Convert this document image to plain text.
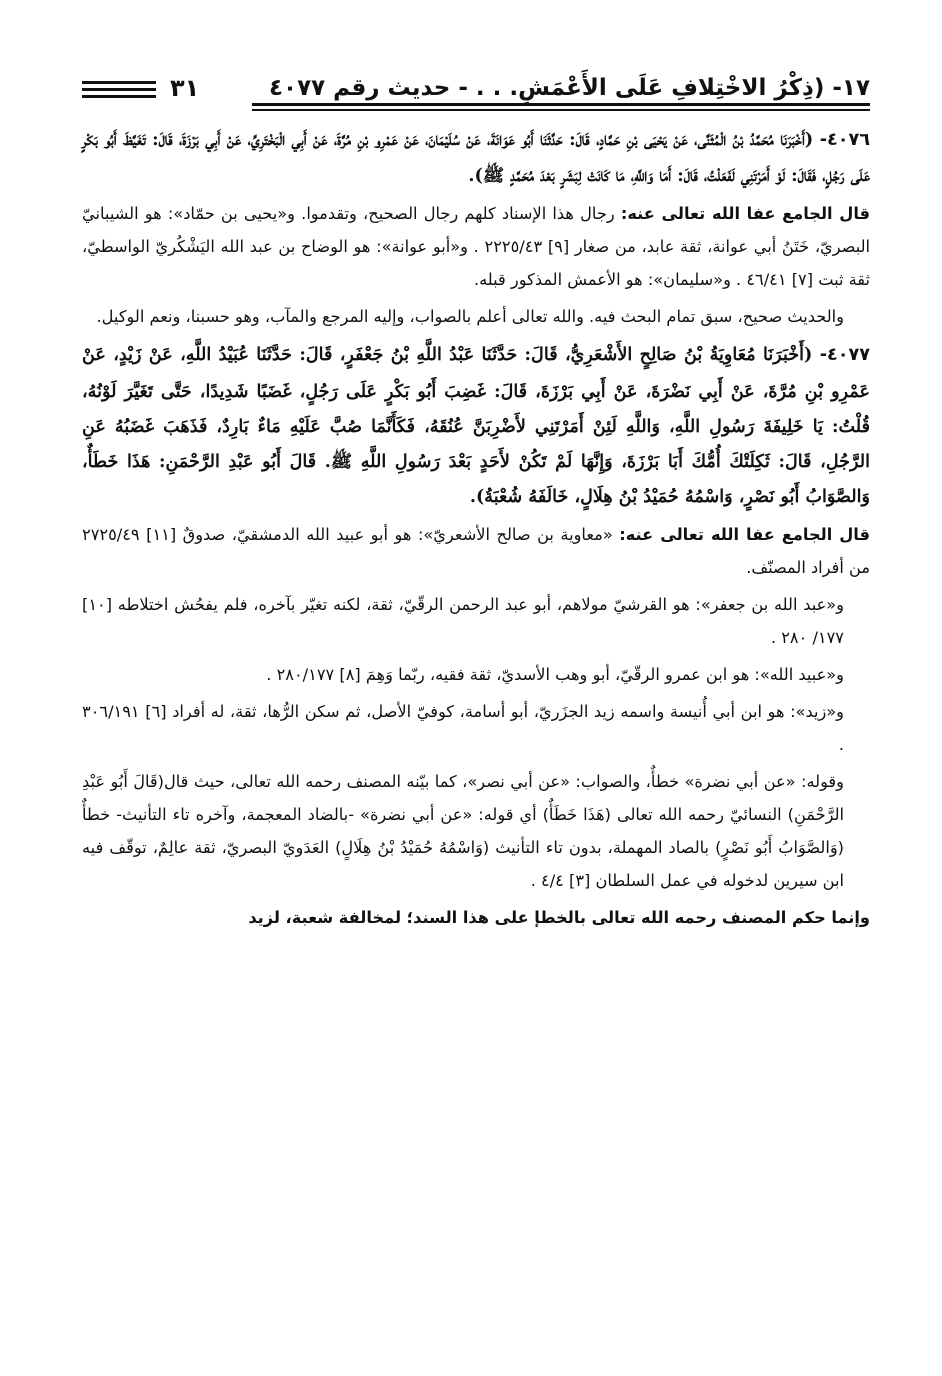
١٧- (ذِكْرُ الاخْتِلافِ عَلَى الأَعْمَشِ. . . - حديث رقم ٤٠٧٧
٣١

٤٠٧٦- (أَخْبَرَنَا مُحَمَّدُ بْنُ الْمُثَنَّى، عَنْ يَحْيَى بْنِ حَمَّادٍ، قَالَ: حَدَّثَنَا أَبُو عَوَانَةَ، عَنْ سُلَيْمَانَ، عَنْ عَمْرِو بْنِ مُرَّةَ، عَنْ أَبِي الْبَخْتَرِيِّ، عَنْ أَبِي بَرْزَةَ، قَالَ: تَغَيَّظَ أَبُو بَكْرٍ عَلَى رَجُلٍ، فَقَالَ: لَوْ أَمَرْتَنِي لَفَعَلْتُ، قَالَ: أَمَا وَاللَّهِ، مَا كَانَتْ لِبَشَرٍ بَعْدَ مُحَمَّدٍ ﷺ).

قال الجامع عفا الله تعالى عنه: رجال هذا الإسناد كلهم رجال الصحيح، وتقدموا. و«يحيى بن حمّاد»: هو الشيبانيّ البصريّ، خَتَنُ أبي عوانة، ثقة عابد، من صغار [٩] ٢٢٢٥/٤٣ . و«أبو عوانة»: هو الوضاح بن عبد الله اليَشْكُريّ الواسطيّ، ثقة ثبت [٧] ٤٦/٤١ . و«سليمان»: هو الأعمش المذكور قبله.

والحديث صحيح، سبق تمام البحث فيه. والله تعالى أعلم بالصواب، وإليه المرجع والمآب، وهو حسبنا، ونعم الوكيل.

٤٠٧٧- (أَخْبَرَنَا مُعَاوِيَةُ بْنُ صَالِحٍ الأَشْعَرِيُّ، قَالَ: حَدَّثَنَا عَبْدُ اللَّهِ بْنُ جَعْفَرٍ، قَالَ: حَدَّثَنَا عُبَيْدُ اللَّهِ، عَنْ زَيْدٍ، عَنْ عَمْرِو بْنِ مُرَّةَ، عَنْ أَبِي نَضْرَةَ، عَنْ أَبِي بَرْزَةَ، قَالَ: غَضِبَ أَبُو بَكْرٍ عَلَى رَجُلٍ، غَضَبًا شَدِيدًا، حَتَّى تَغَيَّرَ لَوْنُهُ، قُلْتُ: يَا خَلِيفَةَ رَسُولِ اللَّهِ، وَاللَّهِ لَئِنْ أَمَرْتَنِي لأَضْرِبَنَّ عُنُقَهُ، فَكَأَنَّمَا صُبَّ عَلَيْهِ مَاءٌ بَارِدٌ، فَذَهَبَ غَضَبُهُ عَنِ الرَّجُلِ، قَالَ: ثَكِلَتْكَ أُمُّكَ أَبَا بَرْزَةَ، وَإِنَّهَا لَمْ تَكُنْ لأَحَدٍ بَعْدَ رَسُولِ اللَّهِ ﷺ. قَالَ أَبُو عَبْدِ الرَّحْمَنِ: هَذَا خَطَأٌ، وَالصَّوَابُ أَبُو نَصْرٍ، وَاسْمُهُ حُمَيْدُ بْنُ هِلَالٍ، خَالَفَهُ شُعْبَةُ).

قال الجامع عفا الله تعالى عنه: «معاوية بن صالح الأشعريّ»: هو أبو عبيد الله الدمشقيّ، صدوقٌ [١١] ٢٧٢٥/٤٩ من أفراد المصنّف.

و«عبد الله بن جعفر»: هو القرشيّ مولاهم، أبو عبد الرحمن الرقّيّ، ثقة، لكنه تغيّر بآخره، فلم يفحُش اختلاطه [١٠] ١٧٧/ ٢٨٠ .

و«عبيد الله»: هو ابن عمرو الرقّيّ، أبو وهب الأسديّ، ثقة فقيه، ربّما وَهِمَ [٨] ٢٨٠/١٧٧ .

و«زيد»: هو ابن أبي أُنيسة واسمه زيد الجزَريّ، أبو أسامة، كوفيّ الأصل، ثم سكن الرُّها، ثقة، له أفراد [٦] ٣٠٦/١٩١ .

وقوله: «عن أبي نضرة» خطأٌ، والصواب: «عن أبي نصر»، كما بيّنه المصنف رحمه الله تعالى، حيث قال(قَالَ أَبُو عَبْدِ الرَّحْمَنِ) النسائيّ رحمه الله تعالى (هَذَا خَطَأٌ) أي قوله: «عن أبي نضرة» -بالضاد المعجمة، وآخره تاء التأنيث- خطأٌ (وَالصَّوَابُ أَبُو نَصْرٍ) بالصاد المهملة، بدون تاء التأنيث (وَاسْمُهُ حُمَيْدُ بْنُ هِلَالٍ) العَدَويّ البصريّ، ثقة عالِمٌ، توقّف فيه ابن سيرين لدخوله في عمل السلطان [٣] ٤/٤ .

وإنما حكم المصنف رحمه الله تعالى بالخطإ على هذا السند؛ لمخالفة شعبة، لزيد
